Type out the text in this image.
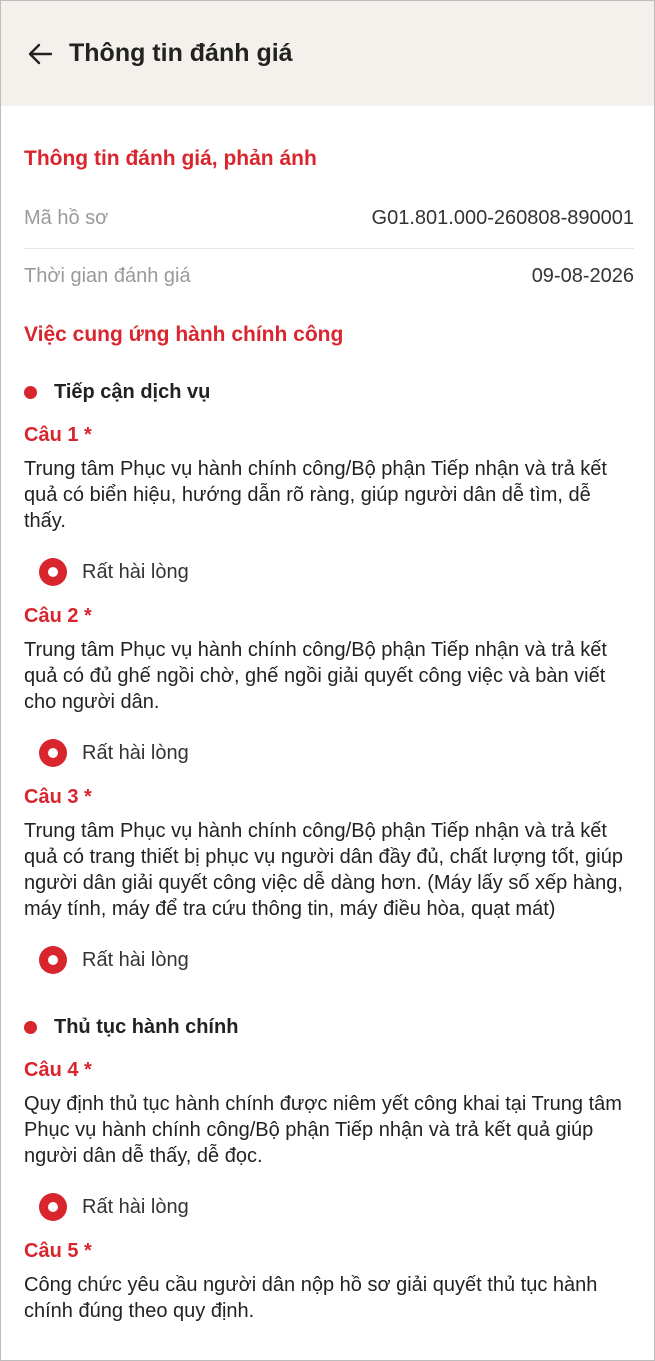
Thông tin đánh giá
Thông tin đánh giá, phản ánh
Mã hồ sơ	G01.801.000-260808-890001
Thời gian đánh giá	09-08-2026
Việc cung ứng hành chính công
Tiếp cận dịch vụ
Câu 1 *
Trung tâm Phục vụ hành chính công/Bộ phận Tiếp nhận và trả kết quả có biển hiệu, hướng dẫn rõ ràng, giúp người dân dễ tìm, dễ thấy.
Rất hài lòng
Câu 2 *
Trung tâm Phục vụ hành chính công/Bộ phận Tiếp nhận và trả kết quả có đủ ghế ngồi chờ, ghế ngồi giải quyết công việc và bàn viết cho người dân.
Rất hài lòng
Câu 3 *
Trung tâm Phục vụ hành chính công/Bộ phận Tiếp nhận và trả kết quả có trang thiết bị phục vụ người dân đầy đủ, chất lượng tốt, giúp người dân giải quyết công việc dễ dàng hơn. (Máy lấy số xếp hàng, máy tính, máy để tra cứu thông tin, máy điều hòa, quạt mát)
Rất hài lòng
Thủ tục hành chính
Câu 4 *
Quy định thủ tục hành chính được niêm yết công khai tại Trung tâm Phục vụ hành chính công/Bộ phận Tiếp nhận và trả kết quả giúp người dân dễ thấy, dễ đọc.
Rất hài lòng
Câu 5 *
Công chức yêu cầu người dân nộp hồ sơ giải quyết thủ tục hành chính đúng theo quy định.
